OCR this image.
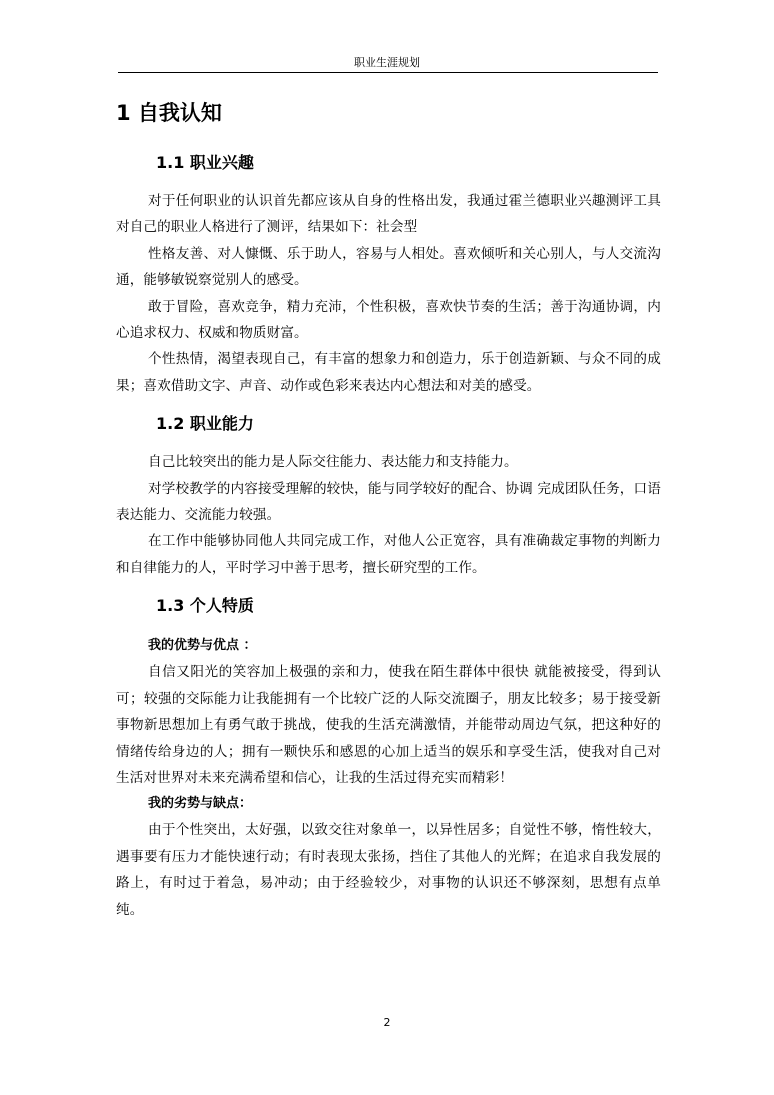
职业生涯规划
1 自我认知
1.1 职业兴趣

对于任何职业的认识首先都应该从自身的性格出发，我通过霍兰德职业兴趣测评工具对自己的职业人格进行了测评，结果如下：社会型

性格友善、对人慷慨、乐于助人，容易与人相处。喜欢倾听和关心别人，与人交流沟通，能够敏锐察觉别人的感受。

敢于冒险，喜欢竞争，精力充沛，个性积极，喜欢快节奏的生活；善于沟通协调，内心追求权力、权威和物质财富。

个性热情，渴望表现自己，有丰富的想象力和创造力，乐于创造新颖、与众不同的成果；喜欢借助文字、声音、动作或色彩来表达内心想法和对美的感受。

1.2 职业能力

自己比较突出的能力是人际交往能力、表达能力和支持能力。

对学校教学的内容接受理解的较快，能与同学较好的配合、协调 完成团队任务，口语表达能力、交流能力较强。

在工作中能够协同他人共同完成工作，对他人公正宽容，具有准确裁定事物的判断力和自律能力的人，平时学习中善于思考，擅长研究型的工作。

1.3 个人特质
我的优势与优点 ：

自信又阳光的笑容加上极强的亲和力，使我在陌生群体中很快 就能被接受，得到认可；较强的交际能力让我能拥有一个比较广泛的人际交流圈子，朋友比较多；易于接受新事物新思想加上有勇气敢于挑战，使我的生活充满激情，并能带动周边气氛，把这种好的情绪传给身边的人；拥有一颗快乐和感恩的心加上适当的娱乐和享受生活，使我对自己对生活对世界对未来充满希望和信心，让我的生活过得充实而精彩！

我的劣势与缺点：

由于个性突出，太好强，以致交往对象单一，以异性居多；自觉性不够，惰性较大，遇事要有压力才能快速行动；有时表现太张扬，挡住了其他人的光辉；在追求自我发展的路上，有时过于着急，易冲动；由于经验较少，对事物的认识还不够深刻，思想有点单纯。

2
